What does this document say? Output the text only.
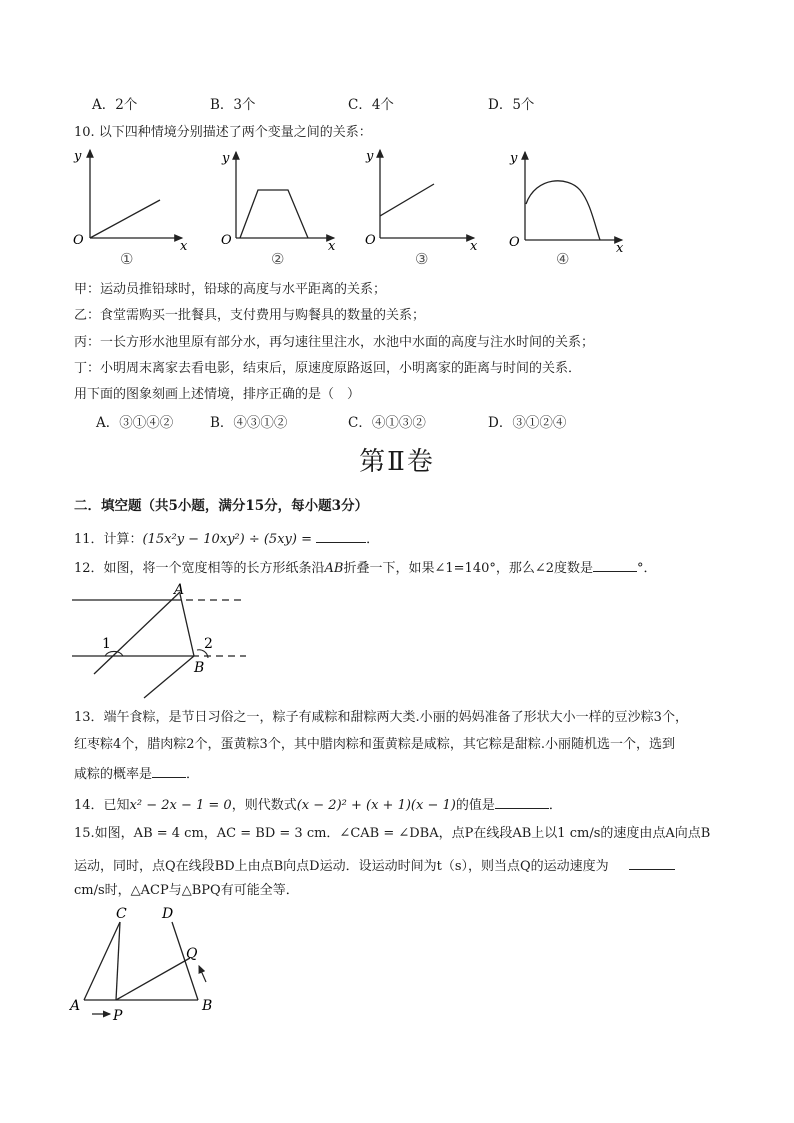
A．2个	B．3个	C．4个	D．5个
10. 以下四种情境分别描述了两个变量之间的关系：
y
x
O
①
y
x
O
②
y
x
O
③
y
x
O
④
甲：运动员推铅球时，铅球的高度与水平距离的关系；
乙：食堂需购买一批餐具，支付费用与购餐具的数量的关系；
丙：一长方形水池里原有部分水，再匀速往里注水，水池中水面的高度与注水时间的关系；
丁：小明周末离家去看电影，结束后，原速度原路返回，小明离家的距离与时间的关系．
用下面的图象刻画上述情境，排序正确的是（　）
A．③①④②	B．④③①②	C．④①③②	D．③①②④
第Ⅱ卷
二．填空题（共5小题，满分15分，每小题3分）
11．计算：(15x²y − 10xy²) ÷ (5xy) =	．
12．如图，将一个宽度相等的长方形纸条沿AB折叠一下，如果∠1=140°，那么∠2度数是	°．
A
B
1	2
13．端午食粽，是节日习俗之一，粽子有咸粽和甜粽两大类.小丽的妈妈准备了形状大小一样的豆沙粽3个，
红枣粽4个，腊肉粽2个，蛋黄粽3个，其中腊肉粽和蛋黄粽是咸粽，其它粽是甜粽.小丽随机选一个，选到
咸粽的概率是	．
14．已知x² − 2x − 1 = 0，则代数式(x − 2)² + (x + 1)(x − 1)的值是	．
15.如图，AB = 4 cm，AC = BD = 3 cm．∠CAB = ∠DBA，点P在线段AB上以1 cm/s的速度由点A向点B
运动，同时，点Q在线段BD上由点B向点D运动．设运动时间为t（s），则当点Q的运动速度为
cm/s时，△ACP与△BPQ有可能全等．
C	D
Q
A	B
P
